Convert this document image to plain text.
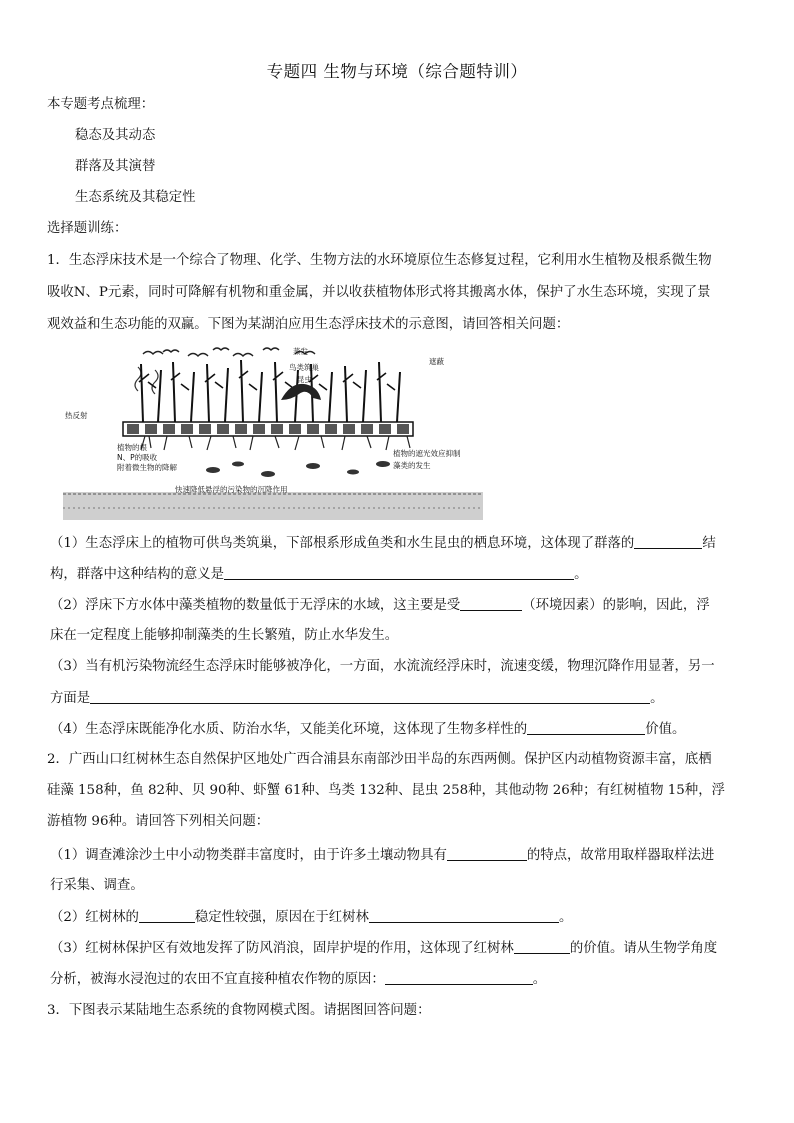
专题四 生物与环境（综合题特训）
本专题考点梳理：
稳态及其动态
群落及其演替
生态系统及其稳定性
选择题训练：
1．生态浮床技术是一个综合了物理、化学、生物方法的水环境原位生态修复过程，它利用水生植物及根系微生物
吸收N、P元素，同时可降解有机物和重金属，并以收获植物体形式将其搬离水体，保护了水生态环境，实现了景
观效益和生态功能的双赢。下图为某湖泊应用生态浮床技术的示意图，请回答相关问题：
蒸发
鸟类筑巢
昆虫
遮蔽
热反射
植物的根
N、P的吸收
附着微生物的降解
植物的遮光效应抑制
藻类的发生
快速降低悬浮的污染物的沉降作用
（1）生态浮床上的植物可供鸟类筑巢，下部根系形成鱼类和水生昆虫的栖息环境，这体现了群落的	结
构，群落中这种结构的意义是	。
（2）浮床下方水体中藻类植物的数量低于无浮床的水域，这主要是受	（环境因素）的影响，因此，浮
床在一定程度上能够抑制藻类的生长繁殖，防止水华发生。
（3）当有机污染物流经生态浮床时能够被净化，一方面，水流流经浮床时，流速变缓，物理沉降作用显著，另一
方面是	。
（4）生态浮床既能净化水质、防治水华，又能美化环境，这体现了生物多样性的	价值。
2．广西山口红树林生态自然保护区地处广西合浦县东南部沙田半岛的东西两侧。保护区内动植物资源丰富，底栖
硅藻 158种，鱼 82种、贝 90种、虾蟹 61种、鸟类 132种、昆虫 258种，其他动物 26种；有红树植物 15种，浮
游植物 96种。请回答下列相关问题：
（1）调查滩涂沙土中小动物类群丰富度时，由于许多土壤动物具有	的特点，故常用取样器取样法进
行采集、调查。
（2）红树林的	稳定性较强，原因在于红树林	。
（3）红树林保护区有效地发挥了防风消浪，固岸护堤的作用，这体现了红树林	的价值。请从生物学角度
分析，被海水浸泡过的农田不宜直接种植农作物的原因：	。
3．下图表示某陆地生态系统的食物网模式图。请据图回答问题：
